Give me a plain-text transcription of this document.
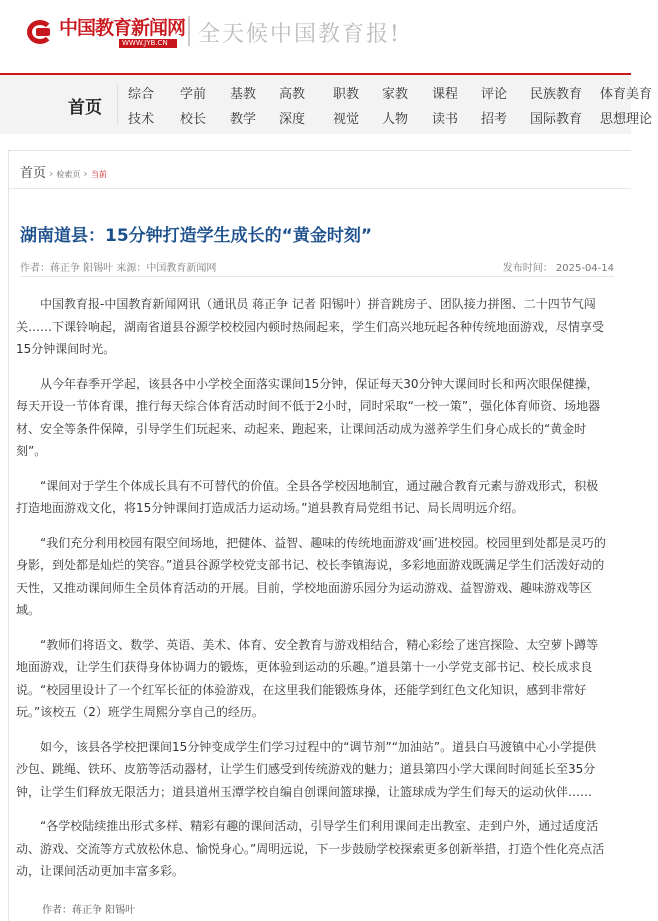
中国教育新闻网
WWW.JYB.CN	全天候中国教育报!
首页
综合	学前	基教	高教	职教	家教	课程	评论	民族教育	体育美育
技术	校长	教学	深度	视觉	人物	读书	招考	国际教育	思想理论
首页 › 检索页 › 当前
湖南道县：15分钟打造学生成长的“黄金时刻”
作者：蒋正争 阳锡叶 来源：中国教育新闻网	发布时间： 2025-04-14

中国教育报-中国教育新闻网讯（通讯员 蒋正争 记者 阳锡叶）拼音跳房子、团队接力拼图、二十四节气闯关……下课铃响起，湖南省道县谷源学校校园内顿时热闹起来，学生们高兴地玩起各种传统地面游戏，尽情享受15分钟课间时光。

从今年春季开学起，该县各中小学校全面落实课间15分钟，保证每天30分钟大课间时长和两次眼保健操，每天开设一节体育课，推行每天综合体育活动时间不低于2小时，同时采取“一校一策”，强化体育师资、场地器材、安全等条件保障，引导学生们玩起来、动起来、跑起来，让课间活动成为滋养学生们身心成长的“黄金时刻”。

“课间对于学生个体成长具有不可替代的价值。全县各学校因地制宜，通过融合教育元素与游戏形式，积极打造地面游戏文化，将15分钟课间打造成活力运动场。”道县教育局党组书记、局长周明远介绍。

“我们充分利用校园有限空间场地，把健体、益智、趣味的传统地面游戏‘画’进校园。校园里到处都是灵巧的身影，到处都是灿烂的笑容。”道县谷源学校党支部书记、校长李镇海说，多彩地面游戏既满足学生们活泼好动的天性，又推动课间师生全员体育活动的开展。目前，学校地面游乐园分为运动游戏、益智游戏、趣味游戏等区域。

“教师们将语文、数学、英语、美术、体育、安全教育与游戏相结合，精心彩绘了迷宫探险、太空萝卜蹲等地面游戏，让学生们获得身体协调力的锻炼，更体验到运动的乐趣。”道县第十一小学党支部书记、校长成求良说。“校园里设计了一个红军长征的体验游戏，在这里我们能锻炼身体，还能学到红色文化知识，感到非常好玩。”该校五（2）班学生周熙分享自己的经历。

如今，该县各学校把课间15分钟变成学生们学习过程中的“调节剂”“加油站”。道县白马渡镇中心小学提供沙包、跳绳、铁环、皮筋等活动器材，让学生们感受到传统游戏的魅力；道县第四小学大课间时间延长至35分钟，让学生们释放无限活力；道县道州玉潭学校自编自创课间篮球操，让篮球成为学生们每天的运动伙伴……

“各学校陆续推出形式多样、精彩有趣的课间活动，引导学生们利用课间走出教室、走到户外，通过适度活动、游戏、交流等方式放松休息、愉悦身心。”周明远说，下一步鼓励学校探索更多创新举措，打造个性化亮点活动，让课间活动更加丰富多彩。

作者：蒋正争 阳锡叶
